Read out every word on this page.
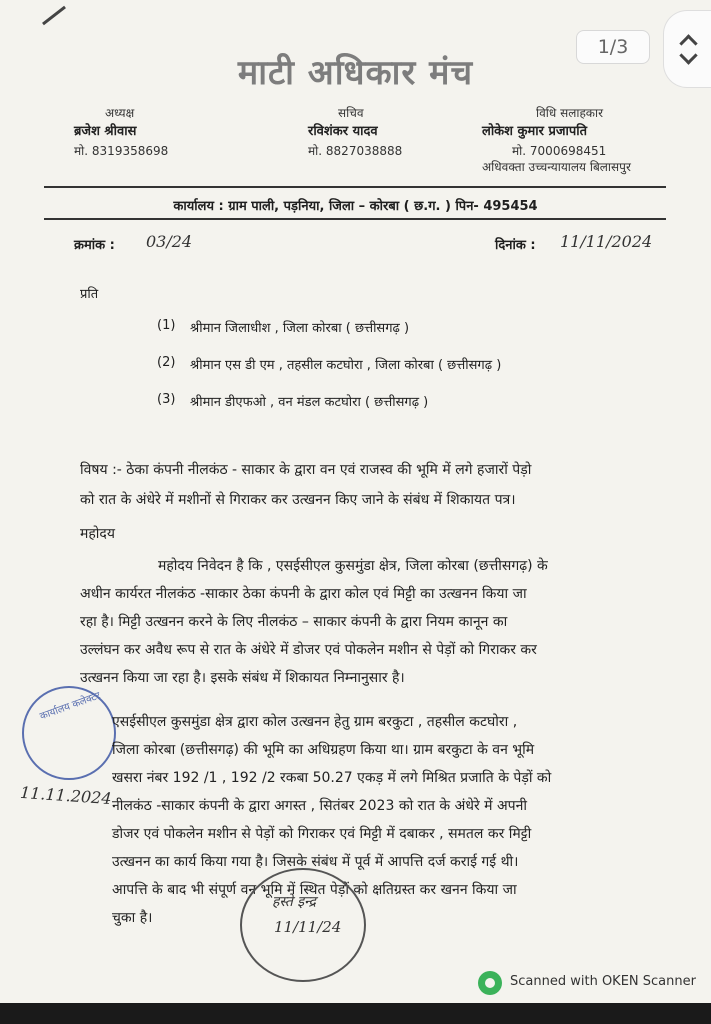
माटी अधिकार मंच
1/3
अध्यक्ष
ब्रजेश श्रीवास
मो. 8319358698
सचिव
रविशंकर यादव
मो. 8827038888
विधि सलाहकार
लोकेश कुमार प्रजापति
मो. 7000698451
अधिवक्ता उच्चन्यायालय बिलासपुर
कार्यालय : ग्राम पाली, पड़निया, जिला – कोरबा ( छ.ग. ) पिन- 495454
क्रमांक : 03/24	दिनांक : 11/11/2024
प्रति
(1) श्रीमान जिलाधीश , जिला कोरबा ( छत्तीसगढ़ )
(2) श्रीमान एस डी एम , तहसील कटघोरा , जिला कोरबा ( छत्तीसगढ़ )
(3) श्रीमान डीएफओ , वन मंडल कटघोरा ( छत्तीसगढ़ )
विषय :- ठेका कंपनी नीलकंठ - साकार के द्वारा वन एवं राजस्व की भूमि में लगे हजारों पेड़ो
को रात के अंधेरे में मशीनों से गिराकर कर उत्खनन किए जाने के संबंध में शिकायत पत्र।
महोदय
महोदय निवेदन है कि , एसईसीएल कुसमुंडा क्षेत्र, जिला कोरबा (छत्तीसगढ़) के
अधीन कार्यरत नीलकंठ -साकार ठेका कंपनी के द्वारा कोल एवं मिट्टी का उत्खनन किया जा
रहा है। मिट्टी उत्खनन करने के लिए नीलकंठ – साकार कंपनी के द्वारा नियम कानून का
उल्लंघन कर अवैध रूप से रात के अंधेरे में डोजर एवं पोकलेन मशीन से पेड़ों को गिराकर कर
उत्खनन किया जा रहा है। इसके संबंध में शिकायत निम्नानुसार है।
कार्यालय कलेक्टर
11.11.2024
एसईसीएल कुसमुंडा क्षेत्र द्वारा कोल उत्खनन हेतु ग्राम बरकुटा , तहसील कटघोरा ,
जिला कोरबा (छत्तीसगढ़) की भूमि का अधिग्रहण किया था। ग्राम बरकुटा के वन भूमि
खसरा नंबर 192 /1 , 192 /2 रकबा 50.27 एकड़ में लगे मिश्रित प्रजाति के पेड़ों को
नीलकंठ -साकार कंपनी के द्वारा अगस्त , सितंबर 2023 को रात के अंधेरे में अपनी
डोजर एवं पोकलेन मशीन से पेड़ों को गिराकर एवं मिट्टी में दबाकर , समतल कर मिट्टी
उत्खनन का कार्य किया गया है। जिसके संबंध में पूर्व में आपत्ति दर्ज कराई गई थी।
आपत्ति के बाद भी संपूर्ण वन भूमि में स्थित पेड़ों को क्षतिग्रस्त कर खनन किया जा
चुका है।
हस्ते इन्द्र
11/11/24
Scanned with OKEN Scanner
